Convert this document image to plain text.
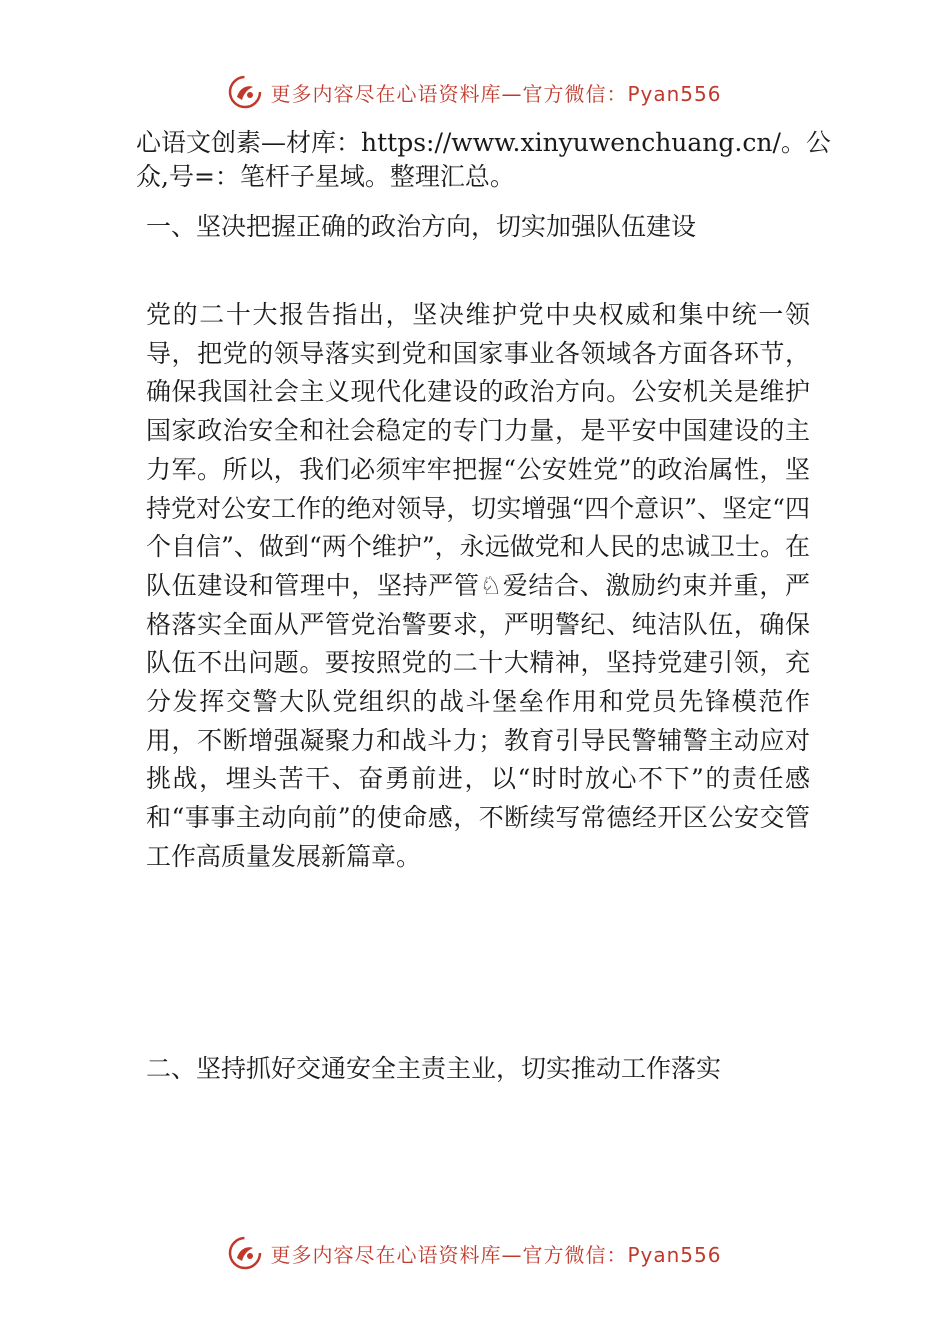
更多内容尽在心语资料库—官方微信：Pyan556

心语文创素—材库：https://www.xinyuwenchuang.cn/。公众,号=：笔杆子星域。整理汇总。

一、坚决把握正确的政治方向，切实加强队伍建设

党的二十大报告指出，坚决维护党中央权威和集中统一领导，把党的领导落实到党和国家事业各领域各方面各环节，确保我国社会主义现代化建设的政治方向。公安机关是维护国家政治安全和社会稳定的专门力量，是平安中国建设的主力军。所以，我们必须牢牢把握“公安姓党”的政治属性，坚持党对公安工作的绝对领导，切实增强“四个意识”、坚定“四个自信”、做到“两个维护”，永远做党和人民的忠诚卫士。在队伍建设和管理中，坚持严管♘爱结合、激励约束并重，严格落实全面从严管党治警要求，严明警纪、纯洁队伍，确保队伍不出问题。要按照党的二十大精神，坚持党建引领，充分发挥交警大队党组织的战斗堡垒作用和党员先锋模范作用，不断增强凝聚力和战斗力；教育引导民警辅警主动应对挑战，埋头苦干、奋勇前进，以“时时放心不下”的责任感和“事事主动向前”的使命感，不断续写常德经开区公安交管工作高质量发展新篇章。

二、坚持抓好交通安全主责主业，切实推动工作落实
更多内容尽在心语资料库—官方微信：Pyan556
